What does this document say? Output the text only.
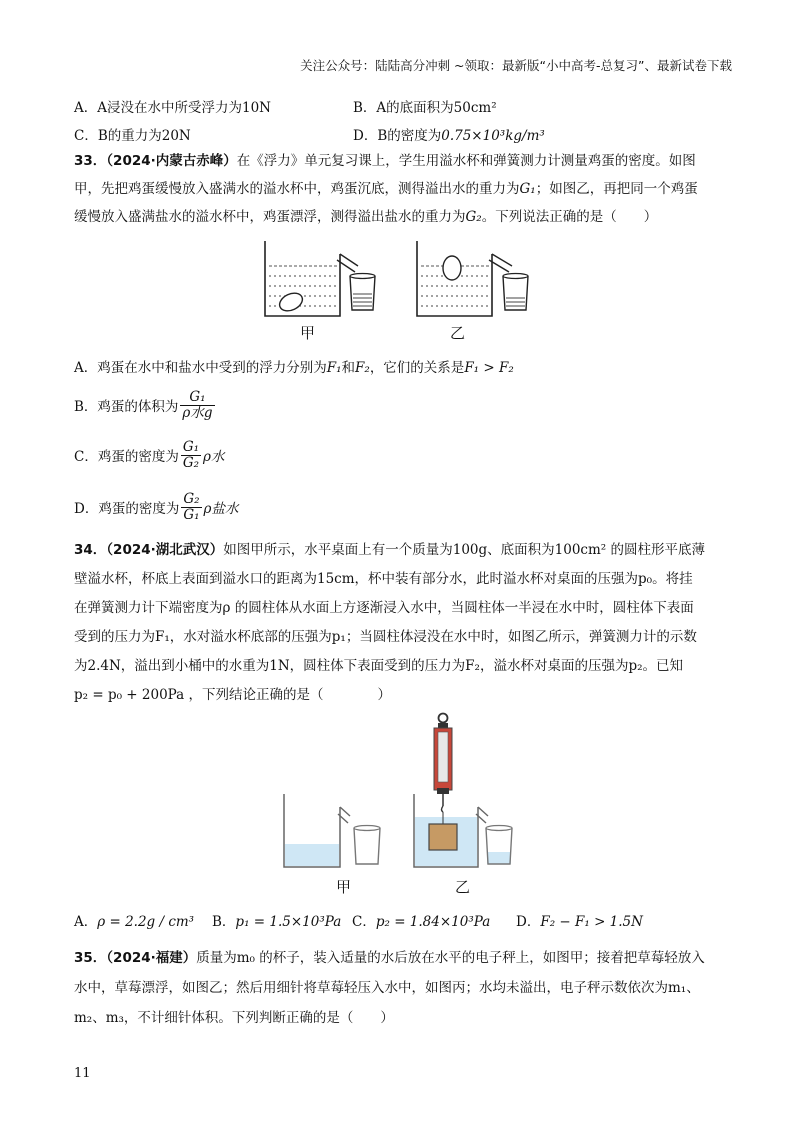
关注公众号：陆陆高分冲刺 ~领取：最新版“小中高考-总复习”、最新试卷下载
A．A浸没在水中所受浮力为10N	B．A的底面积为50cm²
C．B的重力为20N	D．B的密度为0.75×10³kg/m³
33．（2024·内蒙古赤峰）在《浮力》单元复习课上，学生用溢水杯和弹簧测力计测量鸡蛋的密度。如图
甲，先把鸡蛋缓慢放入盛满水的溢水杯中，鸡蛋沉底，测得溢出水的重力为G₁；如图乙，再把同一个鸡蛋
缓慢放入盛满盐水的溢水杯中，鸡蛋漂浮，测得溢出盐水的重力为G₂。下列说法正确的是（　　）
甲	乙
A．鸡蛋在水中和盐水中受到的浮力分别为F₁和F₂，它们的关系是F₁ > F₂
B．鸡蛋的体积为 $\frac{\text{G₁}}{\text{ρ水g}}$
C．鸡蛋的密度为 $\frac{\text{G₁}}{\text{G₂}}$ ρ水
D．鸡蛋的密度为 $\frac{\text{G₂}}{\text{G₁}}$ ρ盐水
34．（2024·湖北武汉）如图甲所示，水平桌面上有一个质量为100g、底面积为100cm² 的圆柱形平底薄
壁溢水杯，杯底上表面到溢水口的距离为15cm，杯中装有部分水，此时溢水杯对桌面的压强为p₀。将挂
在弹簧测力计下端密度为ρ 的圆柱体从水面上方逐渐浸入水中，当圆柱体一半浸在水中时，圆柱体下表面
受到的压力为F₁，水对溢水杯底部的压强为p₁；当圆柱体浸没在水中时，如图乙所示，弹簧测力计的示数
为2.4N，溢出到小桶中的水重为1N，圆柱体下表面受到的压力为F₂，溢水杯对桌面的压强为p₂。已知
p₂ = p₀ + 200Pa ，下列结论正确的是（　　　　）
甲	乙
A．ρ = 2.2g / cm³ B．p₁ = 1.5×10³Pa C．p₂ = 1.84×10³Pa D．F₂ − F₁ > 1.5N
35．（2024·福建）质量为m₀ 的杯子，装入适量的水后放在水平的电子秤上，如图甲；接着把草莓轻放入
水中，草莓漂浮，如图乙；然后用细针将草莓轻压入水中，如图丙；水均未溢出，电子秤示数依次为m₁、
m₂、m₃，不计细针体积。下列判断正确的是（　　）
11
